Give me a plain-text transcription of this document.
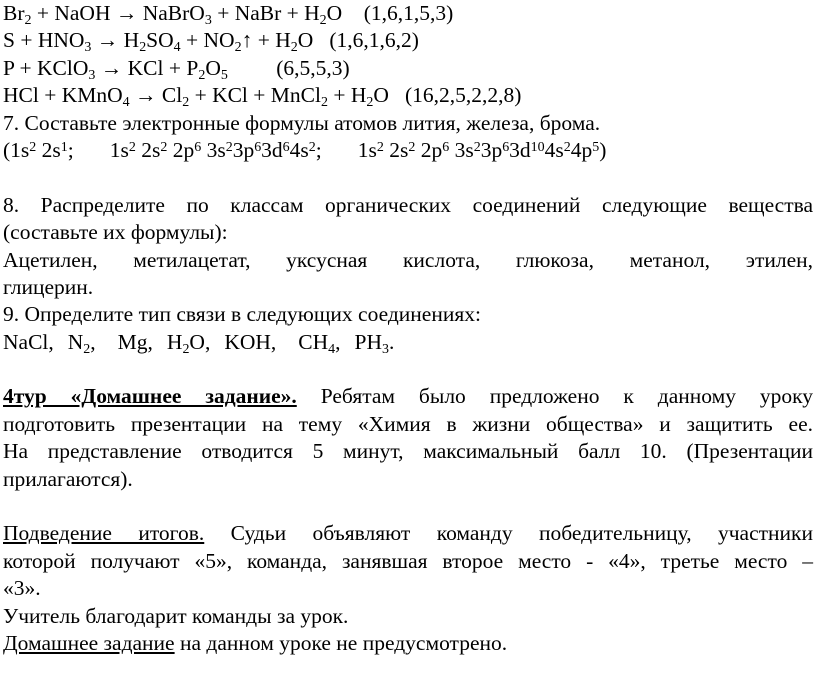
$Br_2$ + NaOH → NaBrO$_3$ + NaBr + $H_2O$    (1,6,1,5,3)
$S + HNO_3 \to H_2SO_4$ + $NO_2↑ + H_2O$   (1,6,1,6,2)
P + KClO$_3$ → KCl + $P_2O_5$ (6,5,5,3)
HCl + KMnO$_4$ → $Cl_2$ + KCl + MnCl$_2$ + $H_2O$   (16,2,5,2,2,8)
7. Составьте электронные формулы атомов лития, железа, брома.
($1s^2$ $2s^1$; $1s^2$ $2s^2$ $2p^6$ $3s^23p^63d^64s^2$; $1s^2$ $2s^2$ $2p^6$ $3s^23p^63d^{10}4s^24p^5$)
8. Распределите по классам органических соединений следующие вещества
(составьте их формулы):
Ацетилен, метилацетат, уксусная кислота, глюкоза, метанол, этилен,
глицерин.
9. Определите тип связи в следующих соединениях:
NaCl, $N_2$, Mg, $H_2O$, KOH, $CH_4$, $PH_3$.
4тур «Домашнее задание». Ребятам было предложено к данному уроку
подготовить презентации на тему «Химия в жизни общества» и защитить ее.
На представление отводится 5 минут, максимальный балл 10. (Презентации
прилагаются).
Подведение итогов. Судьи объявляют команду победительницу, участники
которой получают «5», команда, занявшая второе место - «4», третье место –
«3».
Учитель благодарит команды за урок.
Домашнее задание на данном уроке не предусмотрено.
